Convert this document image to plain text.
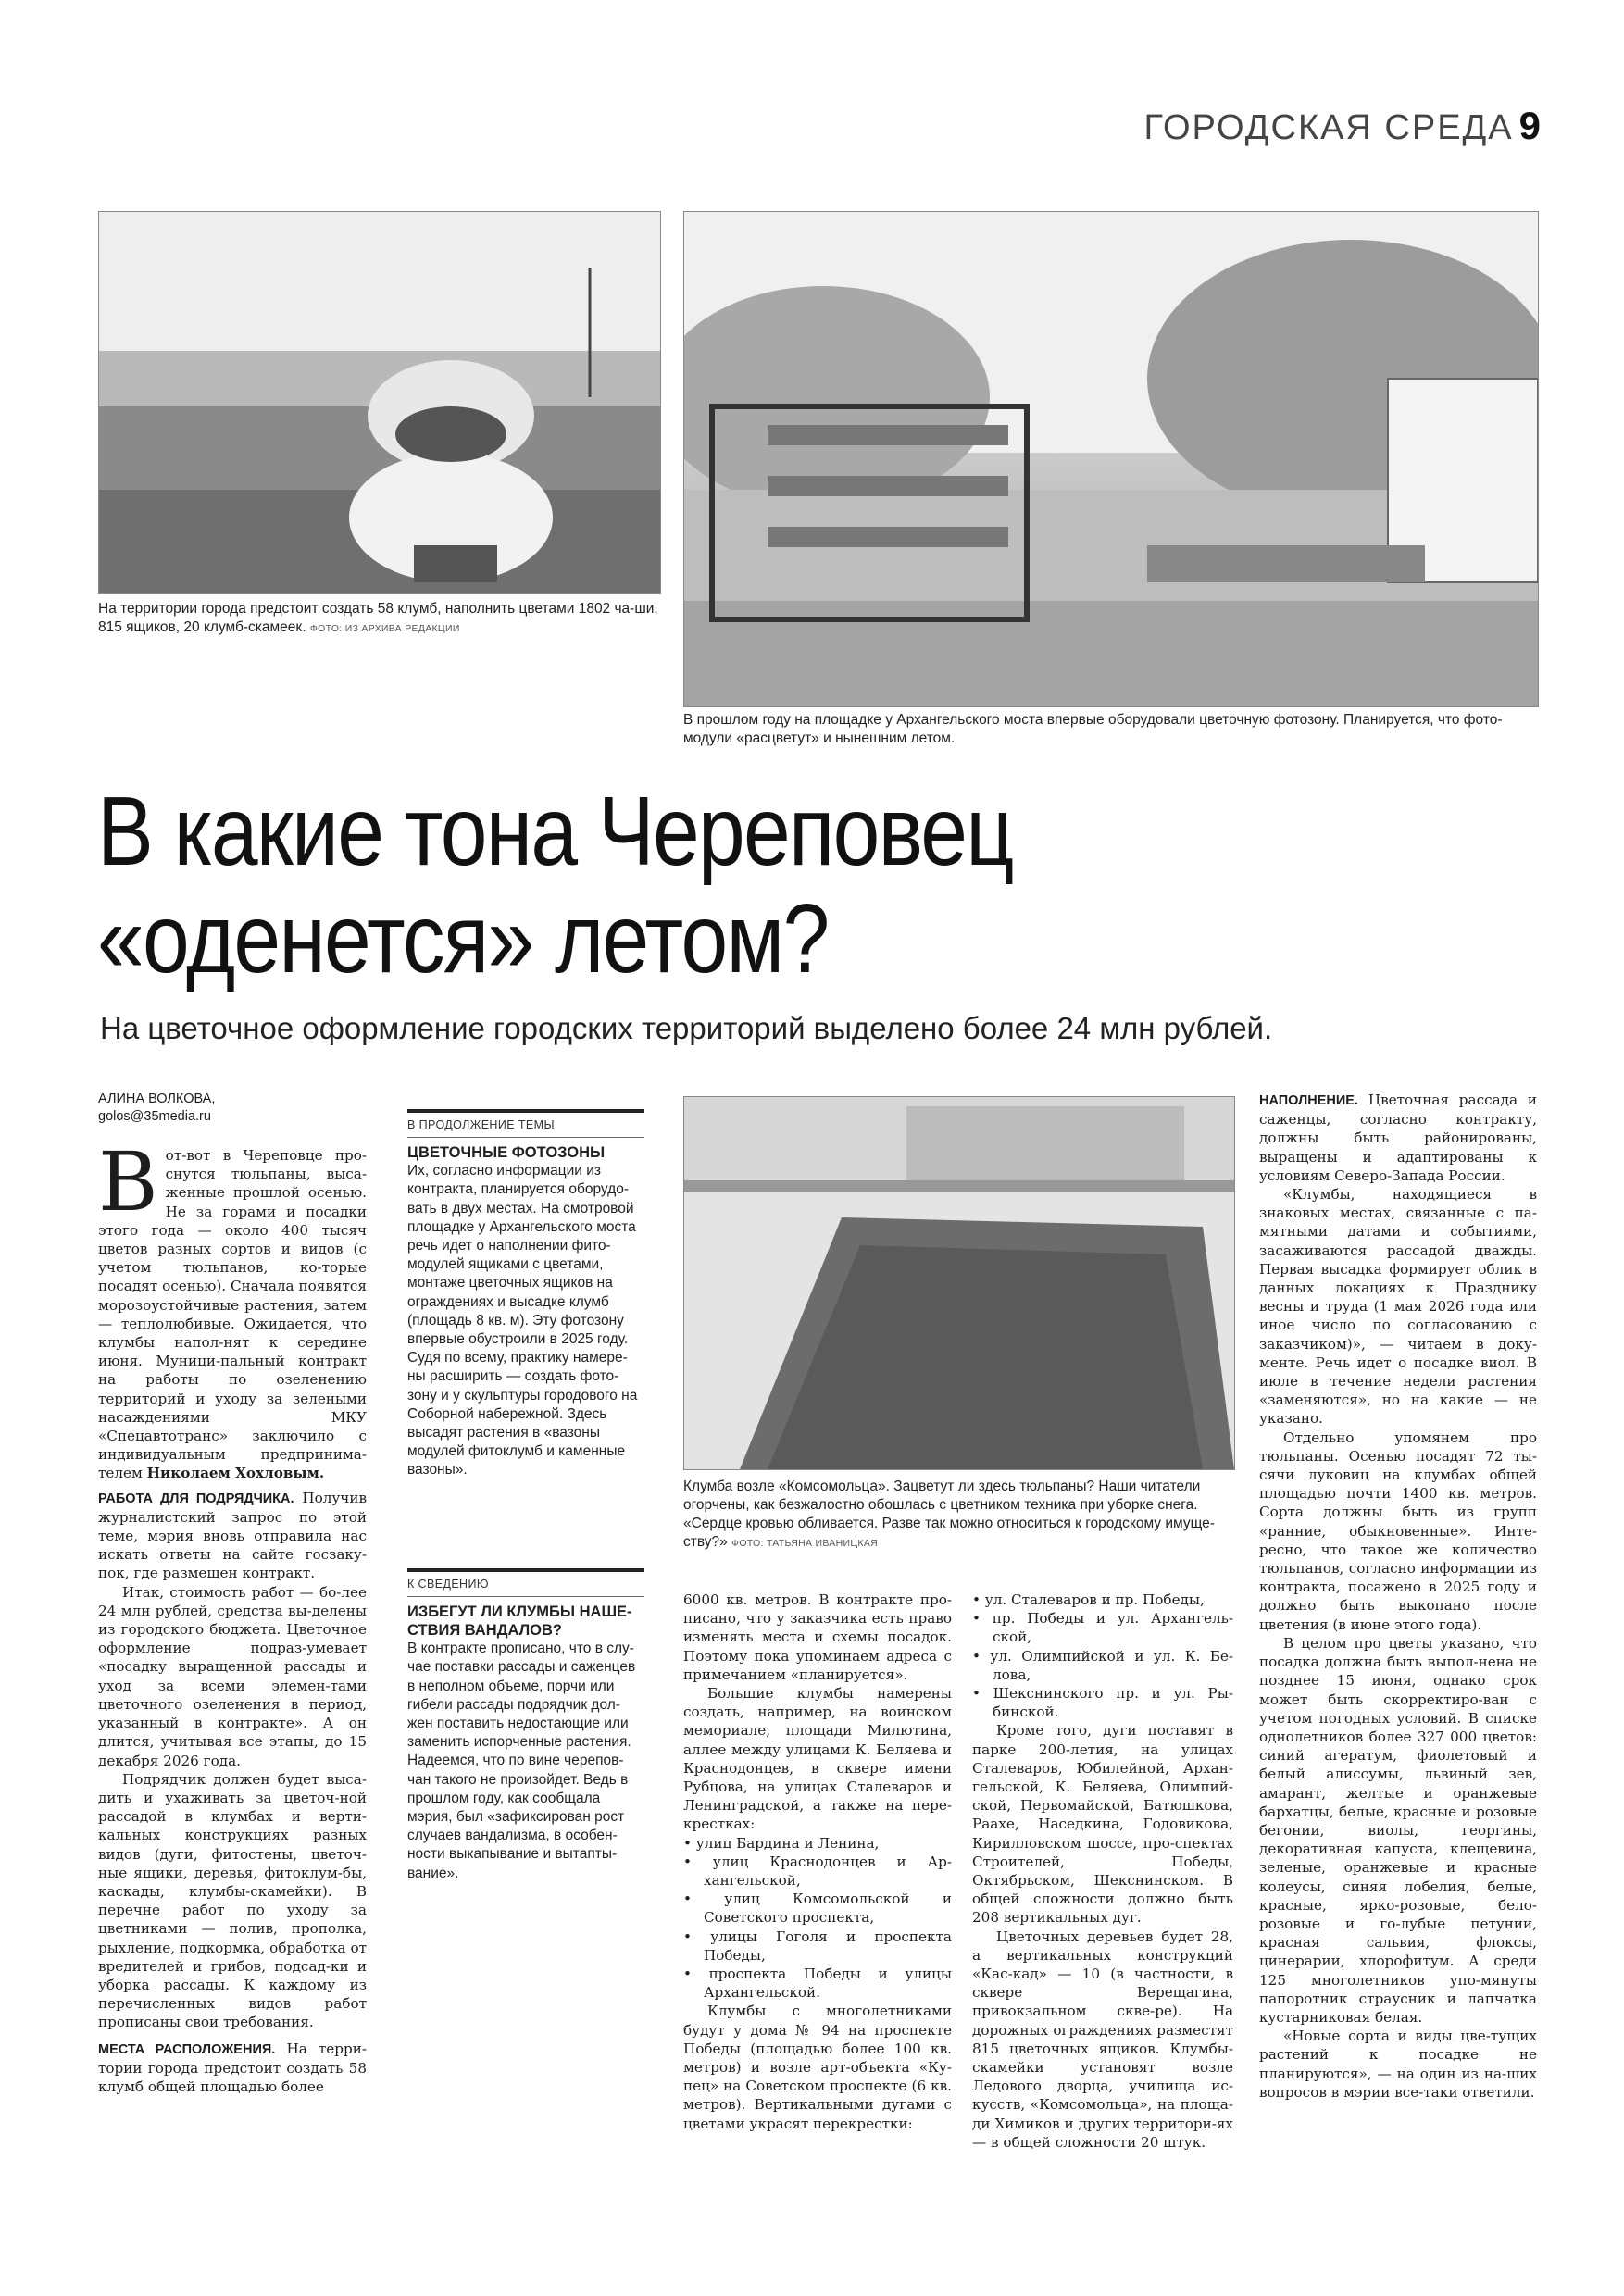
ГОРОДСКАЯ СРЕДА 9
На территории города предстоит создать 58 клумб, наполнить цветами 1802 ча-ши, 815 ящиков, 20 клумб-скамеек. ФОТО: ИЗ АРХИВА РЕДАКЦИИ
В прошлом году на площадке у Архангельского моста впервые оборудовали цветочную фотозону. Планируется, что фото-модули «расцветут» и нынешним летом.
В какие тона Череповец
«оденется» летом?
На цветочное оформление городских территорий выделено более 24 млн рублей.
АЛИНА ВОЛКОВА,
golos@35media.ru

Вот-вот в Череповце про-снутся тюльпаны, выса-женные прошлой осенью. Не за горами и посадки этого года — около 400 тысяч цветов разных сортов и видов (с учетом тюльпанов, ко-торые посадят осенью). Сначала появятся морозоустойчивые растения, затем — теплолюбивые. Ожидается, что клумбы напол-нят к середине июня. Муници-пальный контракт на работы по озеленению территорий и уходу за зелеными насаждениями МКУ «Спецавтотранс» заключило с индивидуальным предпринима-телем Николаем Хохловым.

РАБОТА ДЛЯ ПОДРЯДЧИКА. Получив журналистский запрос по этой теме, мэрия вновь отправила нас искать ответы на сайте госзаку-пок, где размещен контракт.

Итак, стоимость работ — бо-лее 24 млн рублей, средства вы-делены из городского бюджета. Цветочное оформление подраз-умевает «посадку выращенной рассады и уход за всеми элемен-тами цветочного озеленения в период, указанный в контракте». А он длится, учитывая все этапы, до 15 декабря 2026 года.

Подрядчик должен будет выса-дить и ухаживать за цветоч-ной рассадой в клумбах и верти-кальных конструкциях разных видов (дуги, фитостены, цветоч-ные ящики, деревья, фитоклум-бы, каскады, клумбы-скамейки). В перечне работ по уходу за цветниками — полив, прополка, рыхление, подкормка, обработка от вредителей и грибов, подсад-ки и уборка рассады. К каждому из перечисленных видов работ прописаны свои требования.

МЕСТА РАСПОЛОЖЕНИЯ. На терри-тории города предстоит создать 58 клумб общей площадью более

В ПРОДОЛЖЕНИЕ ТЕМЫ
ЦВЕТОЧНЫЕ ФОТОЗОНЫ
Их, согласно информации из контракта, планируется оборудо-вать в двух местах. На смотровой площадке у Архангельского моста речь идет о наполнении фито-модулей ящиками с цветами, монтаже цветочных ящиков на ограждениях и высадке клумб (площадь 8 кв. м). Эту фотозону впервые обустроили в 2025 году. Судя по всему, практику намере-ны расширить — создать фото-зону и у скульптуры городового на Соборной набережной. Здесь высадят растения в «вазоны модулей фитоклумб и каменные вазоны».
К СВЕДЕНИЮ
ИЗБЕГУТ ЛИ КЛУМБЫ НАШЕ-СТВИЯ ВАНДАЛОВ?
В контракте прописано, что в слу-чае поставки рассады и саженцев в неполном объеме, порчи или гибели рассады подрядчик дол-жен поставить недостающие или заменить испорченные растения. Надеемся, что по вине черепов-чан такого не произойдет. Ведь в прошлом году, как сообщала мэрия, был «зафиксирован рост случаев вандализма, в особен-ности выкапывание и вытапты-вание».
Клумба возле «Комсомольца». Зацветут ли здесь тюльпаны? Наши читатели огорчены, как безжалостно обошлась с цветником техника при уборке снега. «Сердце кровью обливается. Разве так можно относиться к городскому имуще-ству?» ФОТО: ТАТЬЯНА ИВАНИЦКАЯ

6000 кв. метров. В контракте про-писано, что у заказчика есть право изменять места и схемы посадок. Поэтому пока упоминаем адреса с примечанием «планируется».

Большие клумбы намерены создать, например, на воинском мемориале, площади Милютина, аллее между улицами К. Беляева и Краснодонцев, в сквере имени Рубцова, на улицах Сталеваров и Ленинградской, а также на пере-крестках:

• улиц Бардина и Ленина,

• улиц Краснодонцев и Ар-хангельской,

• улиц Комсомольской и Советского проспекта,

• улицы Гоголя и проспекта Победы,

• проспекта Победы и улицы Архангельской.

Клумбы с многолетниками будут у дома № 94 на проспекте Победы (площадью более 100 кв. метров) и возле арт-объекта «Ку-пец» на Советском проспекте (6 кв. метров). Вертикальными дугами с цветами украсят перекрестки:

• ул. Сталеваров и пр. Победы,

• пр. Победы и ул. Архангель-ской,

• ул. Олимпийской и ул. К. Бе-лова,

• Шекснинского пр. и ул. Ры-бинской.

Кроме того, дуги поставят в парке 200-летия, на улицах Сталеваров, Юбилейной, Архан-гельской, К. Беляева, Олимпий-ской, Первомайской, Батюшкова, Раахе, Наседкина, Годовикова, Кирилловском шоссе, про-спектах Строителей, Победы, Октябрьском, Шекснинском. В общей сложности должно быть 208 вертикальных дуг.

Цветочных деревьев будет 28, а вертикальных конструкций «Кас-кад» — 10 (в частности, в сквере Верещагина, привокзальном скве-ре). На дорожных ограждениях разместят 815 цветочных ящиков. Клумбы-скамейки установят возле Ледового дворца, училища ис-кусств, «Комсомольца», на площа-ди Химиков и других территори-ях — в общей сложности 20 штук.

НАПОЛНЕНИЕ. Цветочная рассада и саженцы, согласно контракту, должны быть районированы, выращены и адаптированы к условиям Северо-Запада России.

«Клумбы, находящиеся в знаковых местах, связанные с па-мятными датами и событиями, засаживаются рассадой дважды. Первая высадка формирует облик в данных локациях к Празднику весны и труда (1 мая 2026 года или иное число по согласованию с заказчиком)», — читаем в доку-менте. Речь идет о посадке виол. В июле в течение недели растения «заменяются», но на какие — не указано.

Отдельно упомянем про тюльпаны. Осенью посадят 72 ты-сячи луковиц на клумбах общей площадью почти 1400 кв. метров. Сорта должны быть из групп «ранние, обыкновенные». Инте-ресно, что такое же количество тюльпанов, согласно информации из контракта, посажено в 2025 году и должно быть выкопано после цветения (в июне этого года).

В целом про цветы указано, что посадка должна быть выпол-нена не позднее 15 июня, однако срок может быть скорректиро-ван с учетом погодных условий. В списке однолетников более 327 000 цветов: синий агератум, фиолетовый и белый алиссумы, львиный зев, амарант, желтые и оранжевые бархатцы, белые, красные и розовые бегонии, виолы, георгины, декоративная капуста, клещевина, зеленые, оранжевые и красные колеусы, синяя лобелия, белые, красные, ярко-розовые, бело-розовые и го-лубые петунии, красная сальвия, флоксы, цинерарии, хлорофитум. А среди 125 многолетников упо-мянуты папоротник страусник и лапчатка кустарниковая белая.

«Новые сорта и виды цве-тущих растений к посадке не планируются», — на один из на-ших вопросов в мэрии все-таки ответили.
